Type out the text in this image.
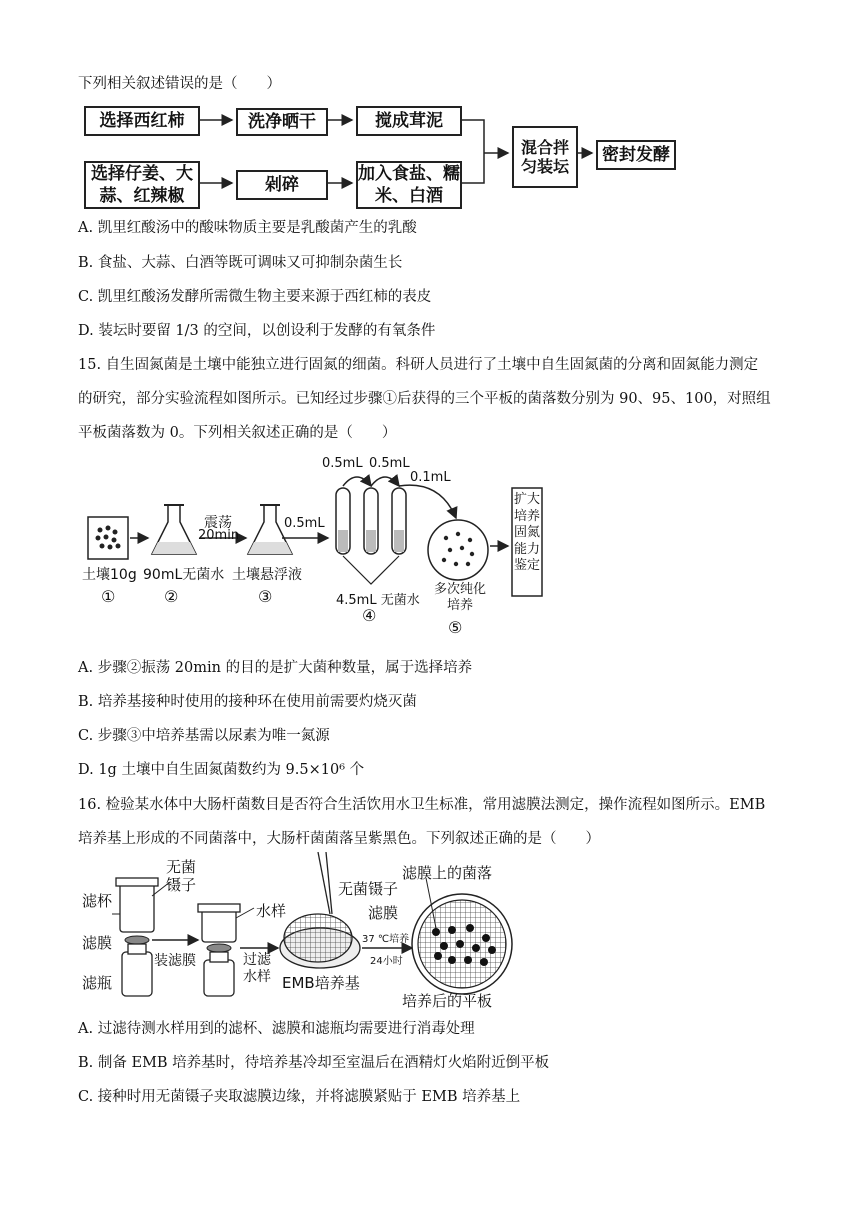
下列相关叙述错误的是（　　）
选择西红柿	洗净晒干	搅成茸泥
选择仔姜、大蒜、红辣椒
剁碎
加入食盐、糯米、白酒
混合拌匀装坛
密封发酵
A. 凯里红酸汤中的酸味物质主要是乳酸菌产生的乳酸
B. 食盐、大蒜、白酒等既可调味又可抑制杂菌生长
C. 凯里红酸汤发酵所需微生物主要来源于西红柿的表皮
D. 装坛时要留 1/3 的空间，以创设利于发酵的有氧条件
15. 自生固氮菌是土壤中能独立进行固氮的细菌。科研人员进行了土壤中自生固氮菌的分离和固氮能力测定
的研究，部分实验流程如图所示。已知经过步骤①后获得的三个平板的菌落数分别为 90、95、100，对照组
平板菌落数为 0。下列相关叙述正确的是（　　）
土壤10g
①
90mL无菌水
②
震荡
20min
土壤悬浮液
③
0.5mL
0.5mL 0.5mL
0.1mL
4.5mL 无菌水
④
多次纯化培养
⑤
扩大培养固氮能力鉴定
A. 步骤②振荡 20min 的目的是扩大菌种数量，属于选择培养
B. 培养基接种时使用的接种环在使用前需要灼烧灭菌
C. 步骤③中培养基需以尿素为唯一氮源
D. 1g 土壤中自生固氮菌数约为 9.5×10⁶ 个
16. 检验某水体中大肠杆菌数目是否符合生活饮用水卫生标准，常用滤膜法测定，操作流程如图所示。EMB
培养基上形成的不同菌落中，大肠杆菌菌落呈紫黑色。下列叙述正确的是（　　）
滤杯
滤膜
滤瓶
无菌镊子
装滤膜
水样
过滤水样
无菌镊子
滤膜
37 ℃培养
24小时
EMB培养基
滤膜上的菌落
培养后的平板
A. 过滤待测水样用到的滤杯、滤膜和滤瓶均需要进行消毒处理
B. 制备 EMB 培养基时，待培养基冷却至室温后在酒精灯火焰附近倒平板
C. 接种时用无菌镊子夹取滤膜边缘，并将滤膜紧贴于 EMB 培养基上
